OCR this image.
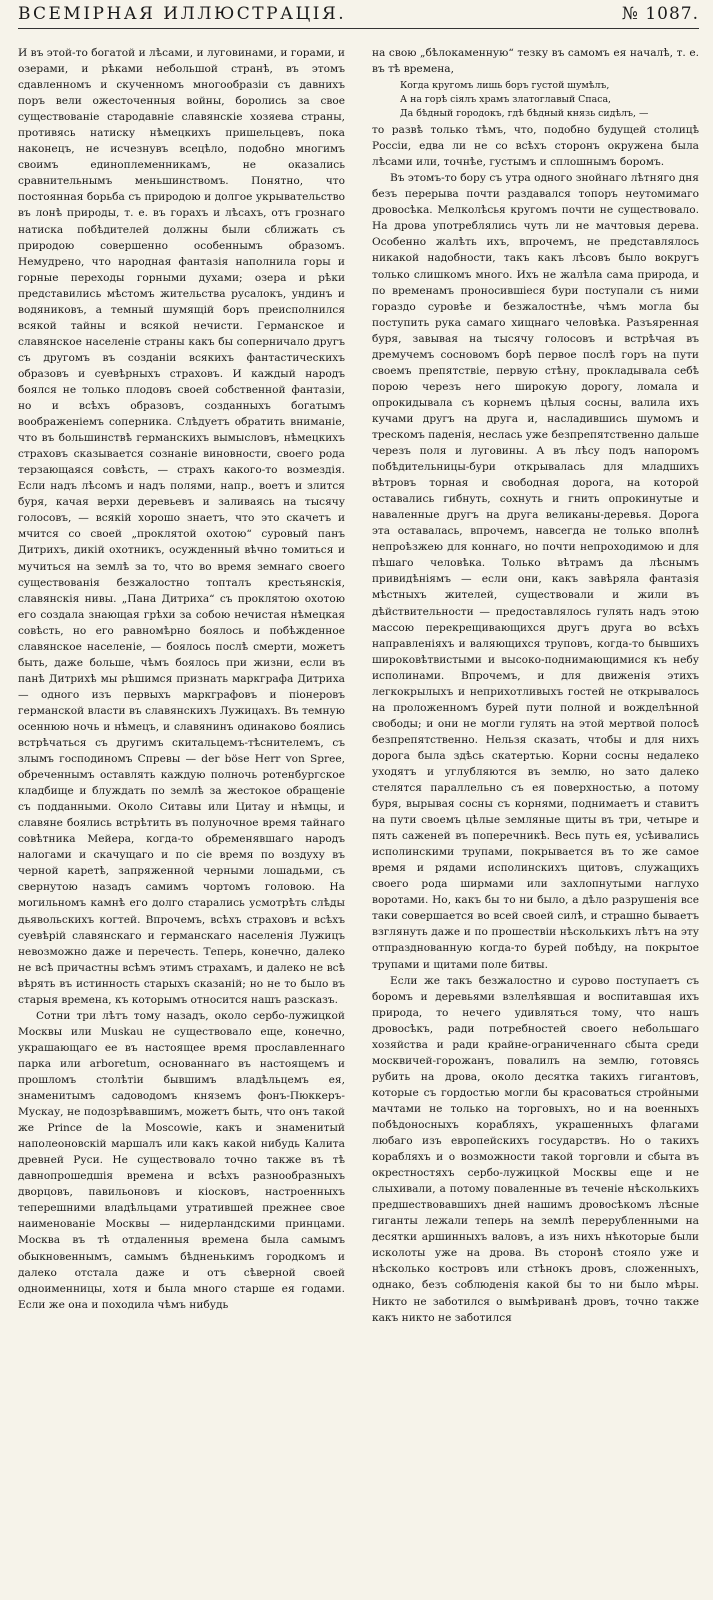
ВСЕМIРНАЯ ИЛЛЮСТРАЦIЯ.	№ 1087.

И въ этой-то богатой и лѣсами, и луговинами, и горами, и озерами, и рѣками небольшой странѣ, въ этомъ сдавленномъ и скученномъ многообразіи съ давнихъ поръ вели ожесточенныя войны, боролись за свое существованіе стародавніе славянскіе хозяева страны, противясь натиску нѣмецкихъ пришельцевъ, пока наконецъ, не исчезнувъ всецѣло, подобно многимъ своимъ единоплеменникамъ, не оказались сравнительнымъ меньшинствомъ. Понятно, что постоянная борьба съ природою и долгое укрывательство въ лонѣ природы, т. е. въ горахъ и лѣсахъ, отъ грознаго натиска побѣдителей должны были сближать съ природою совершенно особеннымъ образомъ. Немудрено, что народная фантазія наполнила горы и горные переходы горными духами; озера и рѣки представились мѣстомъ жительства русалокъ, ундинъ и водяниковъ, а темный шумящій боръ преисполнился всякой тайны и всякой нечисти. Германское и славянское населеніе страны какъ бы соперничало другъ съ другомъ въ созданіи всякихъ фантастическихъ образовъ и суевѣрныхъ страховъ. И каждый народъ боялся не только плодовъ своей собственной фантазіи, но и всѣхъ образовъ, созданныхъ богатымъ воображеніемъ соперника. Слѣдуетъ обратить вниманіе, что въ большинствѣ германскихъ вымысловъ, нѣмецкихъ страховъ сказывается сознаніе виновности, своего рода терзающаяся совѣсть, — страхъ какого-то возмездія. Если надъ лѣсомъ и надъ полями, напр., воетъ и злится буря, качая верхи деревьевъ и заливаясь на тысячу голосовъ, — всякій хорошо знаетъ, что это скачетъ и мчится со своей „проклятой охотою“ суровый панъ Дитрихъ, дикій охотникъ, осужденный вѣчно томиться и мучиться на землѣ за то, что во время земнаго своего существованія безжалостно топталъ крестьянскія, славянскія нивы. „Пана Дитриха“ съ проклятою охотою его создала знающая грѣхи за собою нечистая нѣмецкая совѣсть, но его равномѣрно боялось и побѣжденное славянское населеніе, — боялось послѣ смерти, можетъ быть, даже больше, чѣмъ боялось при жизни, если въ панѣ Дитрихѣ мы рѣшимся признать маркграфа Дитриха — одного изъ первыхъ маркграфовъ и піонеровъ германской власти въ славянскихъ Лужицахъ. Въ темную осеннюю ночь и нѣмецъ, и славянинъ одинаково боялись встрѣчаться съ другимъ скитальцемъ-тѣснителемъ, съ злымъ господиномъ Спревы — der böse Herr von Spree, обреченнымъ оставлять каждую полночь ротенбургское кладбище и блуждать по землѣ за жестокое обращеніе съ подданными. Около Ситавы или Цитау и нѣмцы, и славяне боялись встрѣтить въ полуночное время тайнаго совѣтника Мейера, когда-то обременявшаго народъ налогами и скачущаго и по сіе время по воздуху въ черной каретѣ, запряженной черными лошадьми, съ свернутою назадъ самимъ чортомъ головою. На могильномъ камнѣ его долго старались усмотрѣть слѣды дьявольскихъ когтей. Впрочемъ, всѣхъ страховъ и всѣхъ суевѣрій славянскаго и германскаго населенія Лужицъ невозможно даже и перечесть. Теперь, конечно, далеко не всѣ причастны всѣмъ этимъ страхамъ, и далеко не всѣ вѣрять въ истинность старыхъ сказаній; но не то было въ старыя времена, къ которымъ относится нашъ разсказъ.

Сотни три лѣтъ тому назадъ, около сербо-лужицкой Москвы или Muskau не существовало еще, конечно, украшающаго ее въ настоящее время прославленнаго парка или arboretum, основаннаго въ настоящемъ и прошломъ столѣтіи бывшимъ владѣльцемъ ея, знаменитымъ садоводомъ княземъ фонъ-Пюккеръ-Мускау, не подозрѣвавшимъ, можетъ быть, что онъ такой же Prince de la Moscowie, какъ и знаменитый наполеоновскій маршалъ или какъ какой нибудь Калита древней Руси. Не существовало точно также въ тѣ давнопрошедшія времена и всѣхъ разнообразныхъ дворцовъ, павильоновъ и кіосковъ, настроенныхъ теперешними владѣльцами утратившей прежнее свое наименованіе Москвы — нидерландскими принцами. Москва въ тѣ отдаленныя времена была самымъ обыкновеннымъ, самымъ бѣдненькимъ городкомъ и далеко отстала даже и отъ сѣверной своей одноименницы, хотя и была много старше ея годами. Если же она и походила чѣмъ нибудь

на свою „бѣлокаменную“ тезку въ самомъ ея началѣ, т. е. въ тѣ времена,

Когда кругомъ лишь боръ густой шумѣлъ,
А на горѣ сіялъ храмъ златоглавый Спаса,
Да бѣдный городокъ, гдѣ бѣдный князь сидѣлъ, —

то развѣ только тѣмъ, что, подобно будущей столицѣ Россіи, едва ли не со всѣхъ сторонъ окружена была лѣсами или, точнѣе, густымъ и сплошнымъ боромъ.

Въ этомъ-то бору съ утра одного знойнаго лѣтняго дня безъ перерыва почти раздавался топоръ неутомимаго дровосѣка. Мелколѣсья кругомъ почти не существовало. На дрова употреблялись чуть ли не мачтовыя дерева. Особенно жалѣть ихъ, впрочемъ, не представлялось никакой надобности, такъ какъ лѣсовъ было вокругъ только слишкомъ много. Ихъ не жалѣла сама природа, и по временамъ проносившіеся бури поступали съ ними гораздо суровѣе и безжалостнѣе, чѣмъ могла бы поступить рука самаго хищнаго человѣка. Разъяренная буря, завывая на тысячу голосовъ и встрѣчая въ дремучемъ сосновомъ борѣ первое послѣ горъ на пути своемъ препятствіе, первую стѣну, прокладывала себѣ порою черезъ него широкую дорогу, ломала и опрокидывала съ корнемъ цѣлыя сосны, валила ихъ кучами другъ на друга и, насладившись шумомъ и трескомъ паденія, неслась уже безпрепятственно дальше черезъ поля и луговины. А въ лѣсу подъ напоромъ побѣдительницы-бури открывалась для младшихъ вѣтровъ торная и свободная дорога, на которой оставались гибнуть, сохнуть и гнить опрокинутые и наваленные другъ на друга великаны-деревья. Дорога эта оставалась, впрочемъ, навсегда не только вполнѣ непроѣзжею для коннаго, но почти непроходимою и для пѣшаго человѣка. Только вѣтрамъ да лѣснымъ привидѣніямъ — если они, какъ завѣряла фантазія мѣстныхъ жителей, существовали и жили въ дѣйствительности — предоставлялось гулять надъ этою массою перекрещивающихся другъ друга во всѣхъ направленіяхъ и валяющихся труповъ, когда-то бывшихъ широковѣтвистыми и высоко-поднимающимися къ небу исполинами. Впрочемъ, и для движенія этихъ легкокрылыхъ и неприхотливыхъ гостей не открывалось на проложенномъ бурей пути полной и вожделѣнной свободы; и они не могли гулять на этой мертвой полосѣ безпрепятственно. Нельзя сказать, чтобы и для нихъ дорога была здѣсь скатертью. Корни сосны недалеко уходятъ и углубляются въ землю, но зато далеко стелятся параллельно съ ея поверхностью, а потому буря, вырывая сосны съ корнями, поднимаетъ и ставитъ на пути своемъ цѣлые земляные щиты въ три, четыре и пять саженей въ поперечникѣ. Весь путь ея, усѣивались исполинскими трупами, покрывается въ то же самое время и рядами исполинскихъ щитовъ, служащихъ своего рода ширмами или захлопнутыми наглухо воротами. Но, какъ бы то ни было, а дѣло разрушенія все таки совершается во всей своей силѣ, и страшно бываетъ взглянуть даже и по прошествіи нѣсколькихъ лѣтъ на эту отпразднованную когда-то бурей побѣду, на покрытое трупами и щитами поле битвы.

Если же такъ безжалостно и сурово поступаетъ съ боромъ и деревьями взлелѣявшая и воспитавшая ихъ природа, то нечего удивляться тому, что нашъ дровосѣкъ, ради потребностей своего небольшаго хозяйства и ради крайне-ограниченнаго сбыта среди москвичей-горожанъ, повалилъ на землю, готовясь рубить на дрова, около десятка такихъ гигантовъ, которые съ гордостью могли бы красоваться стройными мачтами не только на торговыхъ, но и на военныхъ побѣдоносныхъ корабляхъ, украшенныхъ флагами любаго изъ европейскихъ государствъ. Но о такихъ корабляхъ и о возможности такой торговли и сбыта въ окрестностяхъ сербо-лужицкой Москвы еще и не слыхивали, а потому поваленные въ теченіе нѣсколькихъ предшествовавшихъ дней нашимъ дровосѣкомъ лѣсные гиганты лежали теперь на землѣ перерубленными на десятки аршинныхъ валовъ, а изъ нихъ нѣкоторые были исколоты уже на дрова. Въ сторонѣ стояло уже и нѣсколько костровъ или стѣнокъ дровъ, сложенныхъ, однако, безъ соблюденія какой бы то ни было мѣры. Никто не заботился о вымѣриванѣ дровъ, точно также какъ никто не заботился
